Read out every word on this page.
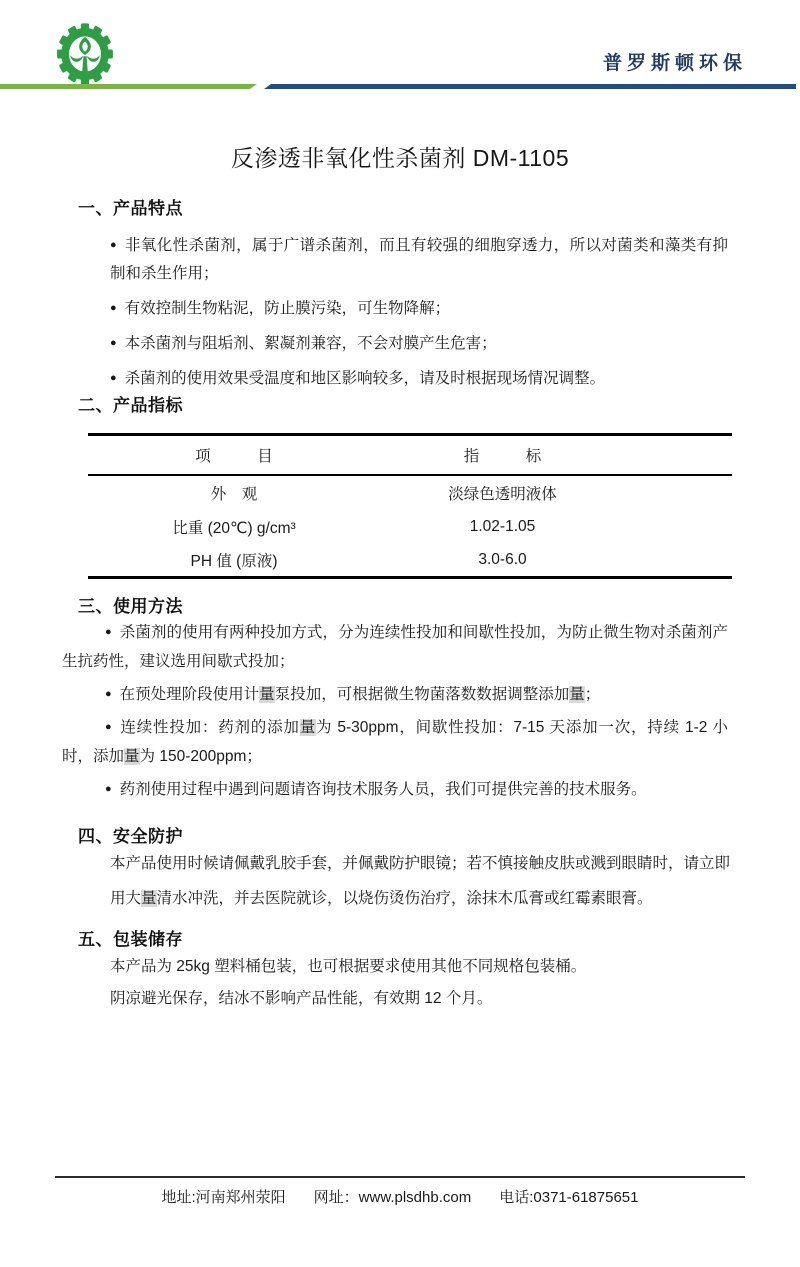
普罗斯顿环保
反渗透非氧化性杀菌剂 DM-1105
一、产品特点

● 非氧化性杀菌剂，属于广谱杀菌剂，而且有较强的细胞穿透力，所以对菌类和藻类有抑制和杀生作用；

● 有效控制生物粘泥，防止膜污染，可生物降解；

● 本杀菌剂与阻垢剂、絮凝剂兼容，不会对膜产生危害；

● 杀菌剂的使用效果受温度和地区影响较多，请及时根据现场情况调整。

二、产品指标
项　　　目	指　　　标
外　观	淡绿色透明液体
比重 (20℃) g/cm³	1.02-1.05
PH 值 (原液)	3.0-6.0
三、使用方法

● 杀菌剂的使用有两种投加方式，分为连续性投加和间歇性投加，为防止微生物对杀菌剂产生抗药性，建议选用间歇式投加；

● 在预处理阶段使用计量泵投加，可根据微生物菌落数数据调整添加量；

● 连续性投加：药剂的添加量为 5-30ppm，间歇性投加：7-15 天添加一次，持续 1-2 小时，添加量为 150-200ppm；

● 药剂使用过程中遇到问题请咨询技术服务人员，我们可提供完善的技术服务。

四、安全防护

本产品使用时候请佩戴乳胶手套，并佩戴防护眼镜；若不慎接触皮肤或溅到眼睛时，请立即用大量清水冲洗，并去医院就诊，以烧伤烫伤治疗，涂抹木瓜膏或红霉素眼膏。

五、包装储存

本产品为 25kg 塑料桶包装，也可根据要求使用其他不同规格包装桶。

阴凉避光保存，结冰不影响产品性能，有效期 12 个月。

地址:河南郑州荥阳 网址：www.plsdhb.com 电话:0371-61875651
